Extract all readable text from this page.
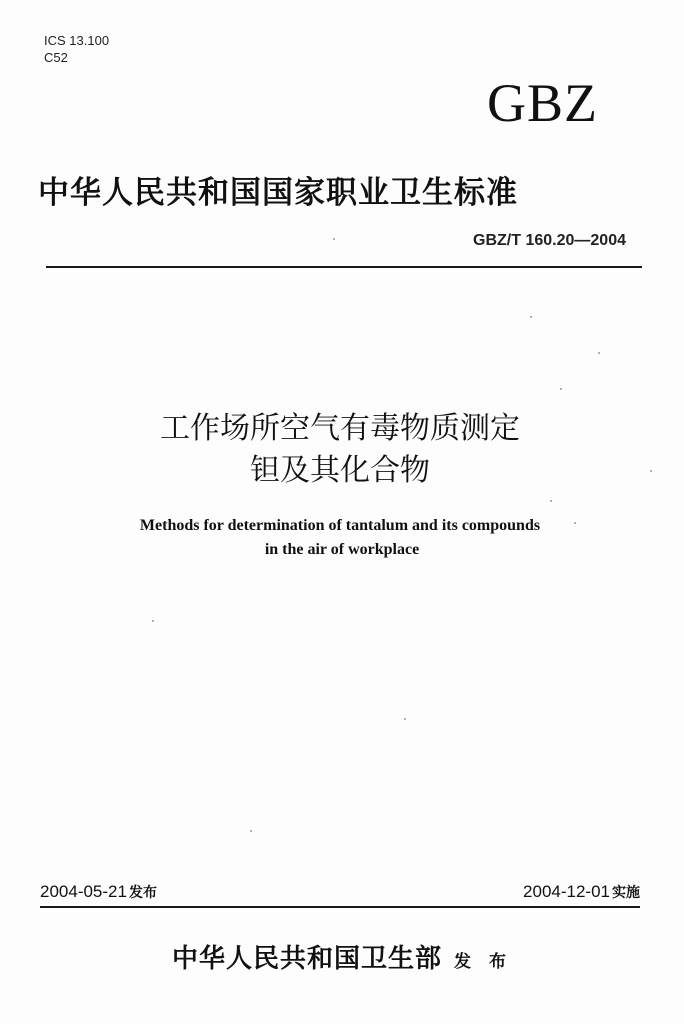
ICS 13.100
C52
GBZ
中华人民共和国国家职业卫生标准
GBZ/T 160.20—2004
工作场所空气有毒物质测定
钽及其化合物
Methods for determination of tantalum and its compounds
in the air of workplace
2004-05-21 发布	2004-12-01 实施
中华人民共和国卫生部 发 布
